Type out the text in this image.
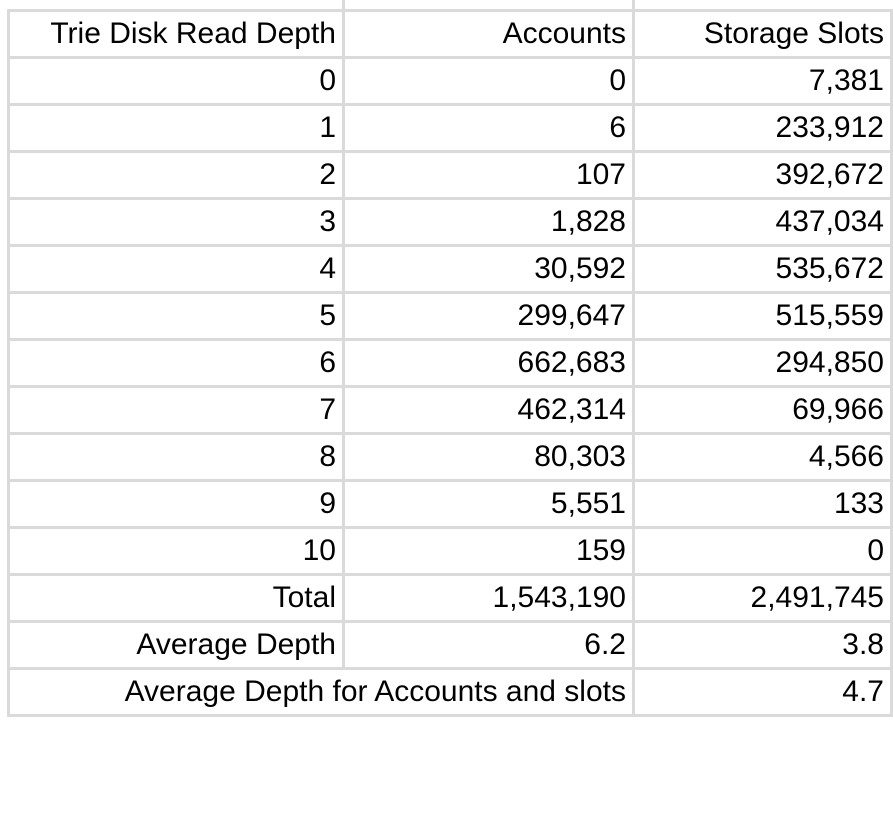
Trie Disk Read Depth	Accounts	Storage Slots
0	0	7,381
1	6	233,912
2	107	392,672
3	1,828	437,034
4	30,592	535,672
5	299,647	515,559
6	662,683	294,850
7	462,314	69,966
8	80,303	4,566
9	5,551	133
10	159	0
Total	1,543,190	2,491,745
Average Depth	6.2	3.8
Average Depth for Accounts and slots		4.7
